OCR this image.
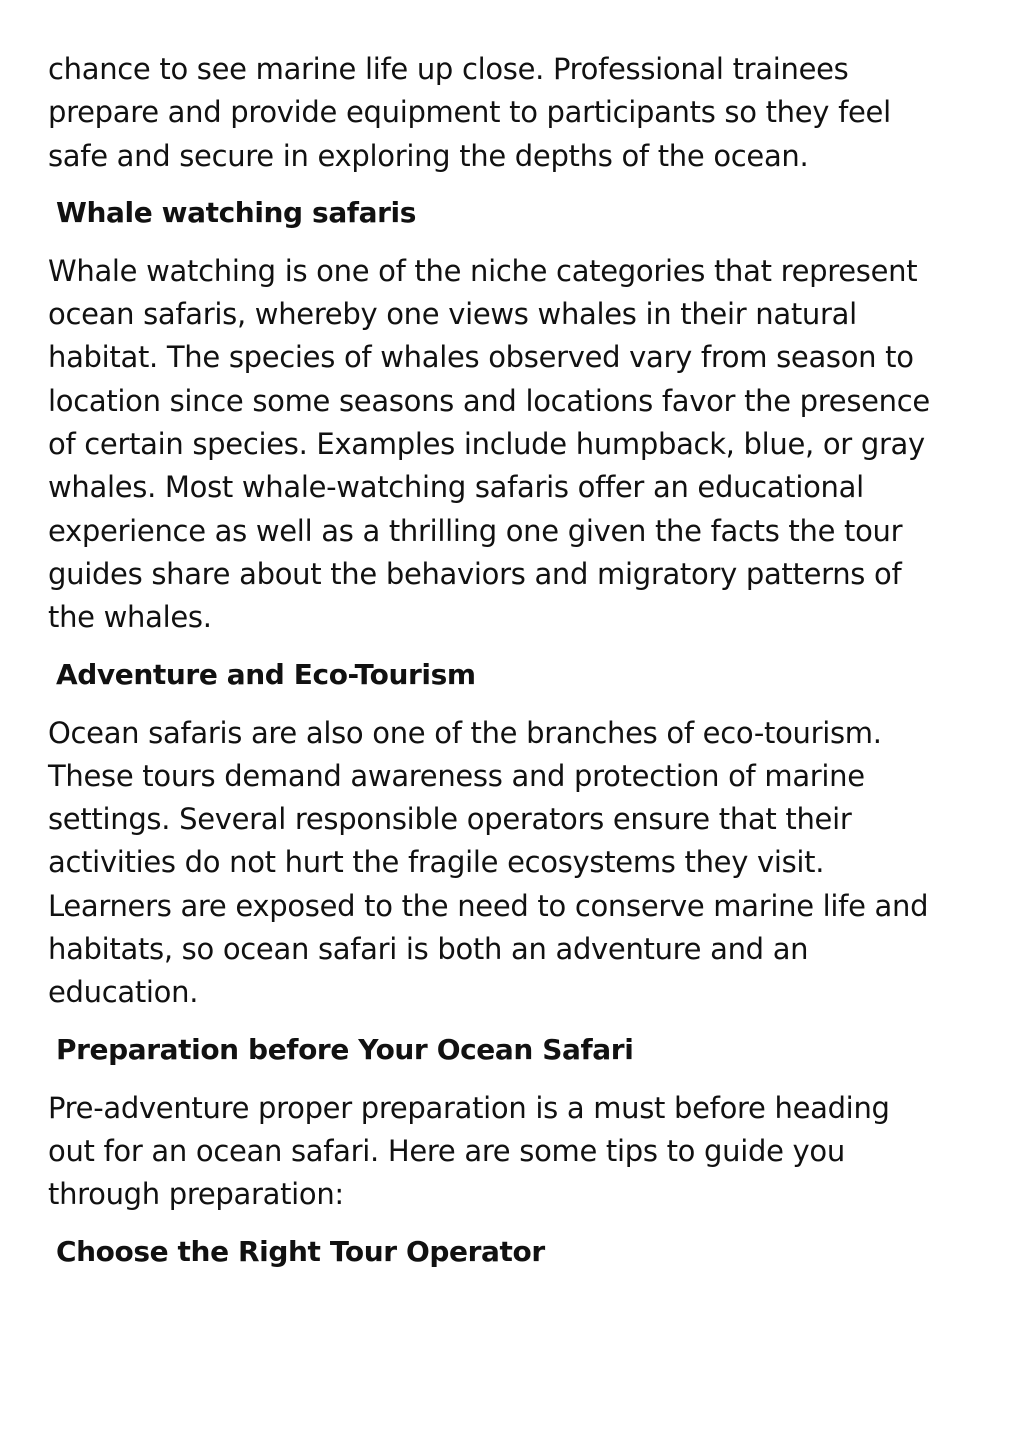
chance to see marine life up close. Professional trainees
prepare and provide equipment to participants so they feel
safe and secure in exploring the depths of the ocean.

Whale watching safaris

Whale watching is one of the niche categories that represent
ocean safaris, whereby one views whales in their natural
habitat. The species of whales observed vary from season to
location since some seasons and locations favor the presence
of certain species. Examples include humpback, blue, or gray
whales. Most whale-watching safaris offer an educational
experience as well as a thrilling one given the facts the tour
guides share about the behaviors and migratory patterns of
the whales.

Adventure and Eco-Tourism

Ocean safaris are also one of the branches of eco-tourism.
These tours demand awareness and protection of marine
settings. Several responsible operators ensure that their
activities do not hurt the fragile ecosystems they visit.
Learners are exposed to the need to conserve marine life and
habitats, so ocean safari is both an adventure and an
education.

Preparation before Your Ocean Safari

Pre-adventure proper preparation is a must before heading
out for an ocean safari. Here are some tips to guide you
through preparation:

Choose the Right Tour Operator
